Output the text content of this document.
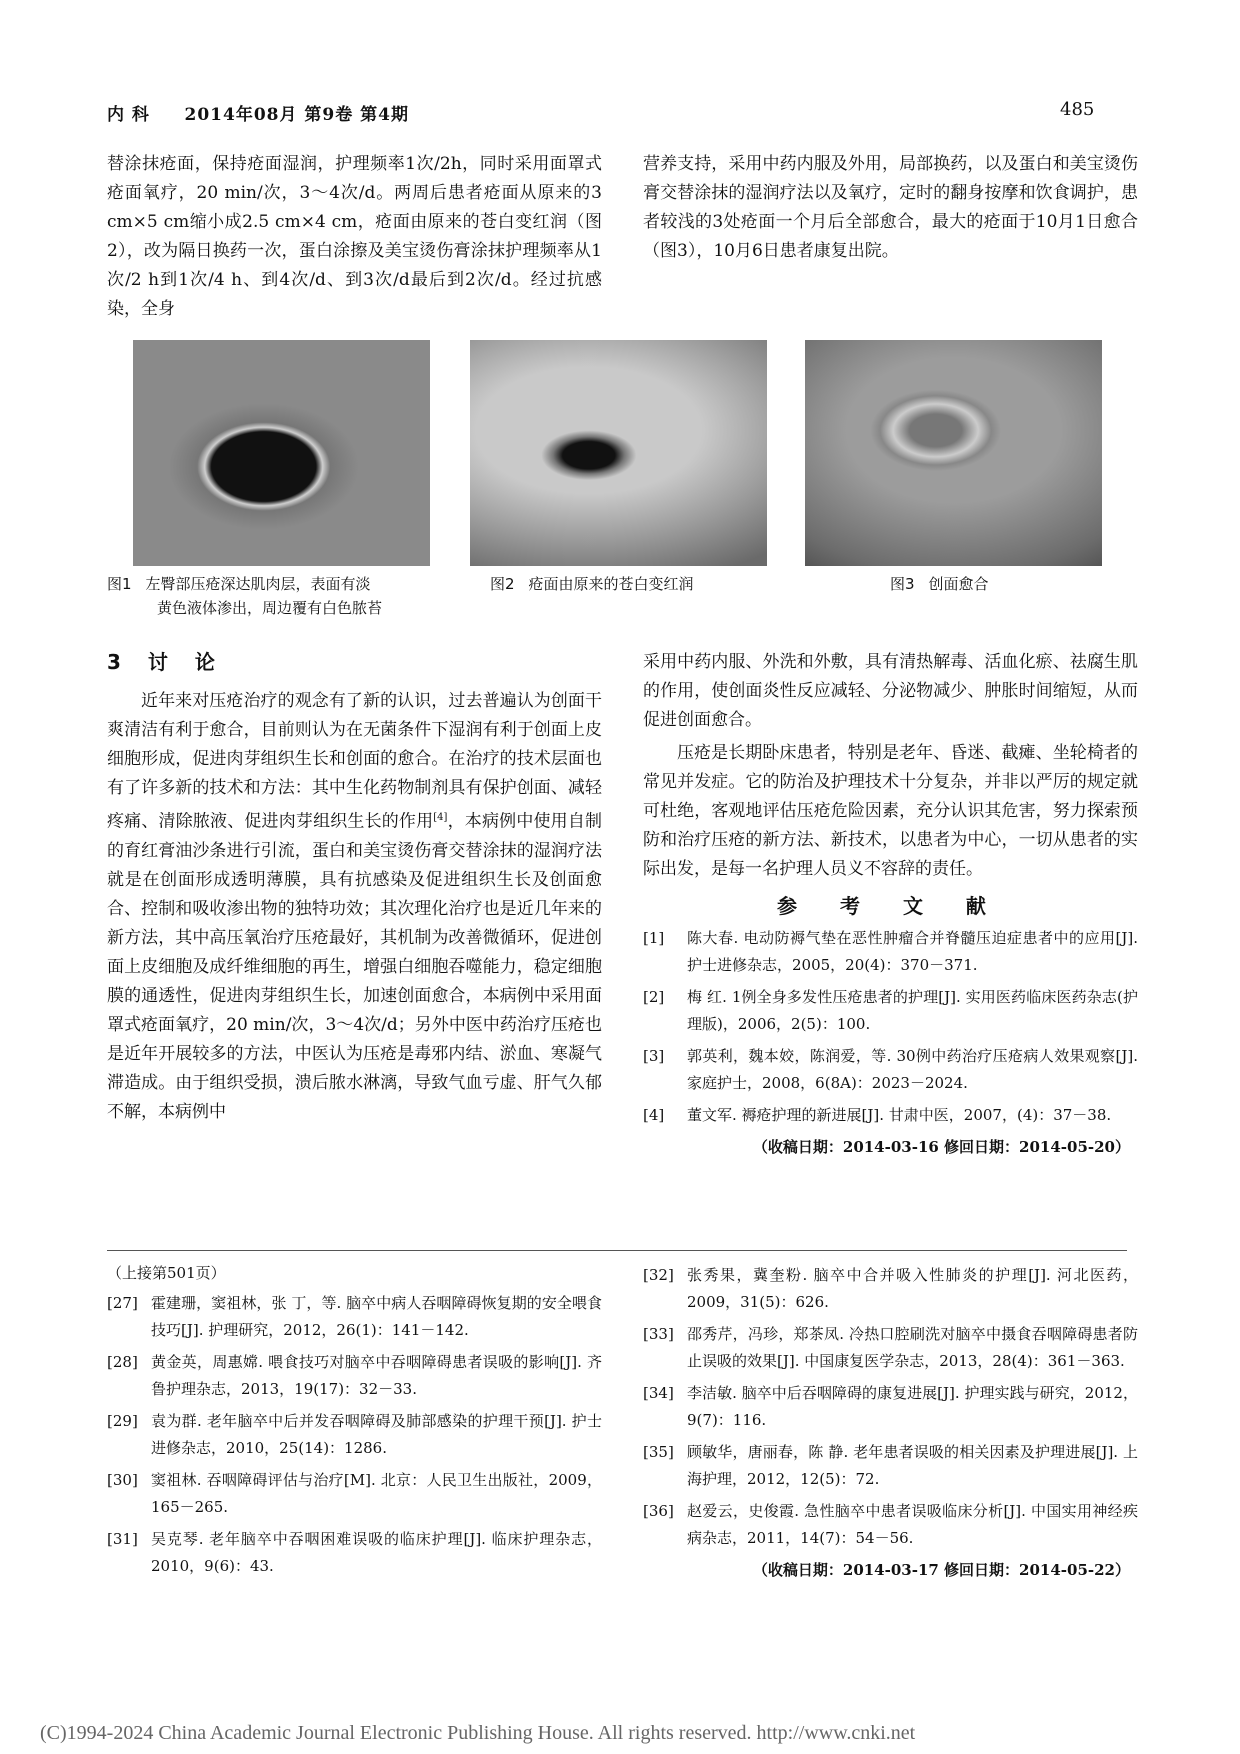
内 科 2014年08月 第9卷 第4期	485

替涂抹疮面，保持疮面湿润，护理频率1次/2h，同时采用面罩式疮面氧疗，20 min/次，3～4次/d。两周后患者疮面从原来的3 cm×5 cm缩小成2.5 cm×4 cm，疮面由原来的苍白变红润（图2），改为隔日换药一次，蛋白涂擦及美宝烫伤膏涂抹护理频率从1次/2 h到1次/4 h、到4次/d、到3次/d最后到2次/d。经过抗感染，全身

营养支持，采用中药内服及外用，局部换药，以及蛋白和美宝烫伤膏交替涂抹的湿润疗法以及氧疗，定时的翻身按摩和饮食调护，患者较浅的3处疮面一个月后全部愈合，最大的疮面于10月1日愈合（图3），10月6日患者康复出院。

图1 左臀部压疮深达肌肉层，表面有淡
黄色液体渗出，周边覆有白色脓苔
图2 疮面由原来的苍白变红润	图3 创面愈合
3 讨 论

近年来对压疮治疗的观念有了新的认识，过去普遍认为创面干爽清洁有利于愈合，目前则认为在无菌条件下湿润有利于创面上皮细胞形成，促进肉芽组织生长和创面的愈合。在治疗的技术层面也有了许多新的技术和方法：其中生化药物制剂具有保护创面、减轻疼痛、清除脓液、促进肉芽组织生长的作用[4]，本病例中使用自制的育红膏油沙条进行引流，蛋白和美宝烫伤膏交替涂抹的湿润疗法就是在创面形成透明薄膜，具有抗感染及促进组织生长及创面愈合、控制和吸收渗出物的独特功效；其次理化治疗也是近几年来的新方法，其中高压氧治疗压疮最好，其机制为改善微循环，促进创面上皮细胞及成纤维细胞的再生，增强白细胞吞噬能力，稳定细胞膜的通透性，促进肉芽组织生长，加速创面愈合，本病例中采用面罩式疮面氧疗，20 min/次，3～4次/d；另外中医中药治疗压疮也是近年开展较多的方法，中医认为压疮是毒邪内结、淤血、寒凝气滞造成。由于组织受损，溃后脓水淋漓，导致气血亏虚、肝气久郁不解，本病例中

采用中药内服、外洗和外敷，具有清热解毒、活血化瘀、祛腐生肌的作用，使创面炎性反应减轻、分泌物减少、肿胀时间缩短，从而促进创面愈合。

压疮是长期卧床患者，特别是老年、昏迷、截瘫、坐轮椅者的常见并发症。它的防治及护理技术十分复杂，并非以严厉的规定就可杜绝，客观地评估压疮危险因素，充分认识其危害，努力探索预防和治疗压疮的新方法、新技术，以患者为中心，一切从患者的实际出发，是每一名护理人员义不容辞的责任。

参 考 文 献
[1]	陈大春. 电动防褥气垫在恶性肿瘤合并脊髓压迫症患者中的应用[J]. 护士进修杂志，2005，20(4)：370－371.
[2]	梅 红. 1例全身多发性压疮患者的护理[J]. 实用医药临床医药杂志(护理版)，2006，2(5)：100.
[3]	郭英利，魏本姣，陈润爱，等. 30例中药治疗压疮病人效果观察[J]. 家庭护士，2008，6(8A)：2023－2024.
[4]	董文军. 褥疮护理的新进展[J]. 甘肃中医，2007，(4)：37－38.
（收稿日期：2014-03-16 修回日期：2014-05-20）
（上接第501页）
[27] 霍建珊，窦祖林，张 丁，等. 脑卒中病人吞咽障碍恢复期的安全喂食技巧[J]. 护理研究，2012，26(1)：141－142.
[28] 黄金英，周惠嫦. 喂食技巧对脑卒中吞咽障碍患者误吸的影响[J]. 齐鲁护理杂志，2013，19(17)：32－33.
[29] 袁为群. 老年脑卒中后并发吞咽障碍及肺部感染的护理干预[J]. 护士进修杂志，2010，25(14)：1286.
[30] 窦祖林. 吞咽障碍评估与治疗[M]. 北京：人民卫生出版社，2009，165－265.
[31] 吴克琴. 老年脑卒中吞咽困难误吸的临床护理[J]. 临床护理杂志，2010，9(6)：43.
[32] 张秀果，冀奎粉. 脑卒中合并吸入性肺炎的护理[J]. 河北医药，2009，31(5)：626.
[33] 邵秀芹，冯珍，郑茶凤. 冷热口腔刷洗对脑卒中摄食吞咽障碍患者防止误吸的效果[J]. 中国康复医学杂志，2013，28(4)：361－363.
[34] 李洁敏. 脑卒中后吞咽障碍的康复进展[J]. 护理实践与研究，2012，9(7)：116.
[35] 顾敏华，唐丽春，陈 静. 老年患者误吸的相关因素及护理进展[J]. 上海护理，2012，12(5)：72.
[36] 赵爱云，史俊霞. 急性脑卒中患者误吸临床分析[J]. 中国实用神经疾病杂志，2011，14(7)：54－56.
（收稿日期：2014-03-17 修回日期：2014-05-22）
(C)1994-2024 China Academic Journal Electronic Publishing House. All rights reserved. http://www.cnki.net
